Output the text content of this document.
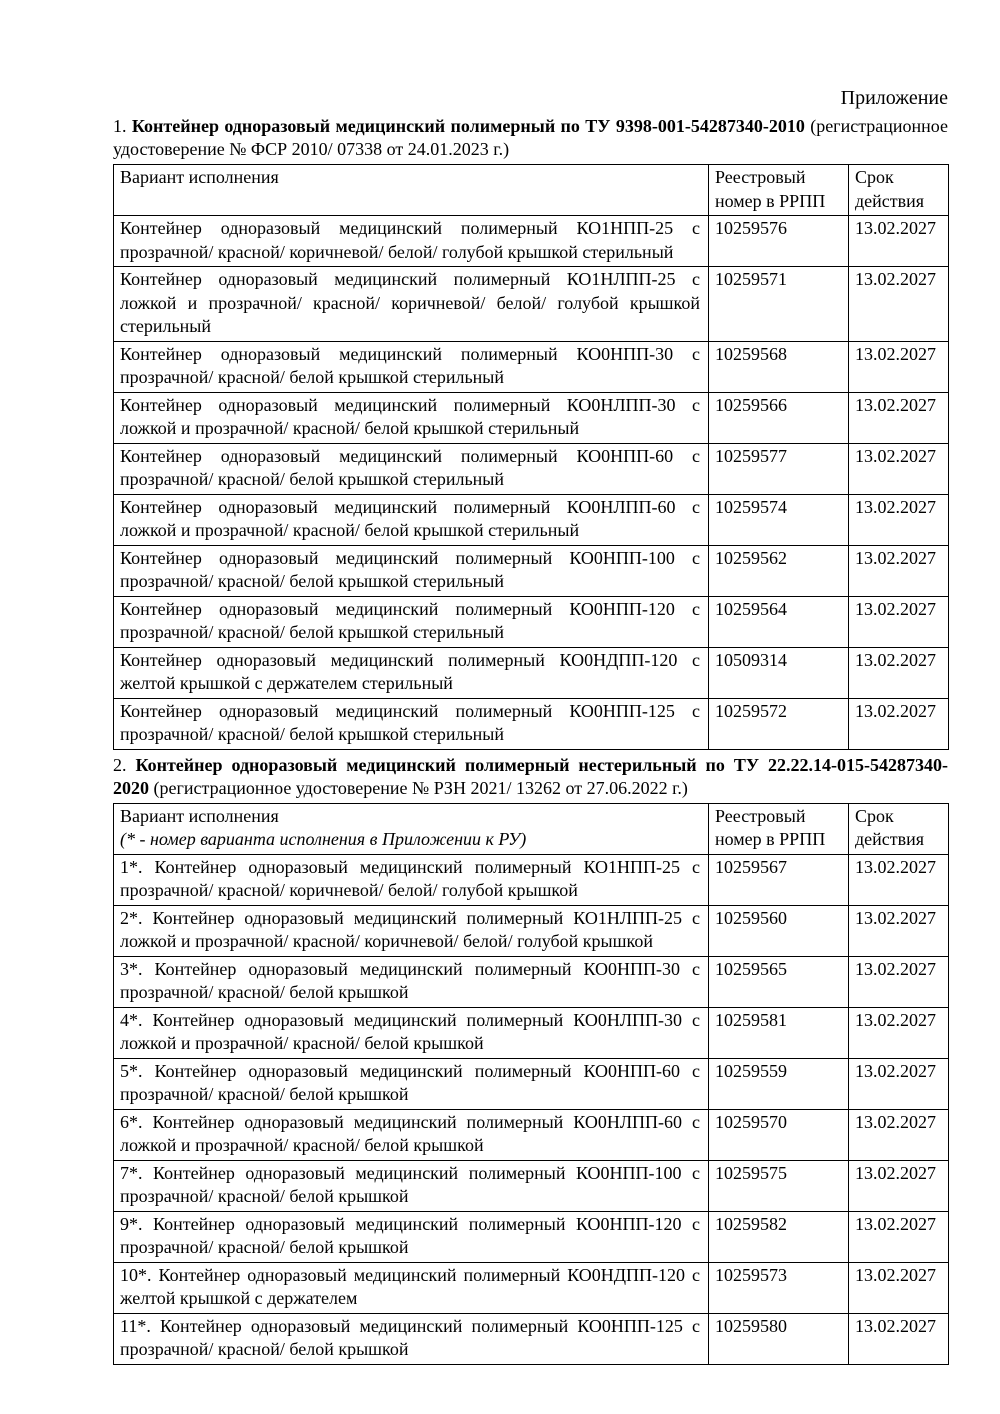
Приложение

1. Контейнер одноразовый медицинский полимерный по ТУ 9398-001-54287340-2010 (регистрационное удостоверение № ФСР 2010/ 07338 от 24.01.2023 г.)

Вариант исполнения	Реестровый номер в РРПП	Срок действия
Контейнер одноразовый медицинский полимерный КО1НПП-25 с прозрачной/ красной/ коричневой/ белой/ голубой крышкой стерильный	10259576	13.02.2027
Контейнер одноразовый медицинский полимерный КО1НЛПП-25 с ложкой и прозрачной/ красной/ коричневой/ белой/ голубой крышкой стерильный	10259571	13.02.2027
Контейнер одноразовый медицинский полимерный КО0НПП-30 с прозрачной/ красной/ белой крышкой стерильный	10259568	13.02.2027
Контейнер одноразовый медицинский полимерный КО0НЛПП-30 с ложкой и прозрачной/ красной/ белой крышкой стерильный	10259566	13.02.2027
Контейнер одноразовый медицинский полимерный КО0НПП-60 с прозрачной/ красной/ белой крышкой стерильный	10259577	13.02.2027
Контейнер одноразовый медицинский полимерный КО0НЛПП-60 с ложкой и прозрачной/ красной/ белой крышкой стерильный	10259574	13.02.2027
Контейнер одноразовый медицинский полимерный КО0НПП-100 с прозрачной/ красной/ белой крышкой стерильный	10259562	13.02.2027
Контейнер одноразовый медицинский полимерный КО0НПП-120 с прозрачной/ красной/ белой крышкой стерильный	10259564	13.02.2027
Контейнер одноразовый медицинский полимерный КО0НДПП-120 с желтой крышкой с держателем стерильный	10509314	13.02.2027
Контейнер одноразовый медицинский полимерный КО0НПП-125 с прозрачной/ красной/ белой крышкой стерильный	10259572	13.02.2027

2. Контейнер одноразовый медицинский полимерный нестерильный по ТУ 22.22.14-015-54287340-2020 (регистрационное удостоверение № РЗН 2021/ 13262 от 27.06.2022 г.)

Вариант исполнения
(* - номер варианта исполнения в Приложении к РУ)	Реестровый номер в РРПП	Срок действия
1*. Контейнер одноразовый медицинский полимерный КО1НПП-25 с прозрачной/ красной/ коричневой/ белой/ голубой крышкой	10259567	13.02.2027
2*. Контейнер одноразовый медицинский полимерный КО1НЛПП-25 с ложкой и прозрачной/ красной/ коричневой/ белой/ голубой крышкой	10259560	13.02.2027
3*. Контейнер одноразовый медицинский полимерный КО0НПП-30 с прозрачной/ красной/ белой крышкой	10259565	13.02.2027
4*. Контейнер одноразовый медицинский полимерный КО0НЛПП-30 с ложкой и прозрачной/ красной/ белой крышкой	10259581	13.02.2027
5*. Контейнер одноразовый медицинский полимерный КО0НПП-60 с прозрачной/ красной/ белой крышкой	10259559	13.02.2027
6*. Контейнер одноразовый медицинский полимерный КО0НЛПП-60 с ложкой и прозрачной/ красной/ белой крышкой	10259570	13.02.2027
7*. Контейнер одноразовый медицинский полимерный КО0НПП-100 с прозрачной/ красной/ белой крышкой	10259575	13.02.2027
9*. Контейнер одноразовый медицинский полимерный КО0НПП-120 с прозрачной/ красной/ белой крышкой	10259582	13.02.2027
10*. Контейнер одноразовый медицинский полимерный КО0НДПП-120 с желтой крышкой с держателем	10259573	13.02.2027
11*. Контейнер одноразовый медицинский полимерный КО0НПП-125 с прозрачной/ красной/ белой крышкой	10259580	13.02.2027
